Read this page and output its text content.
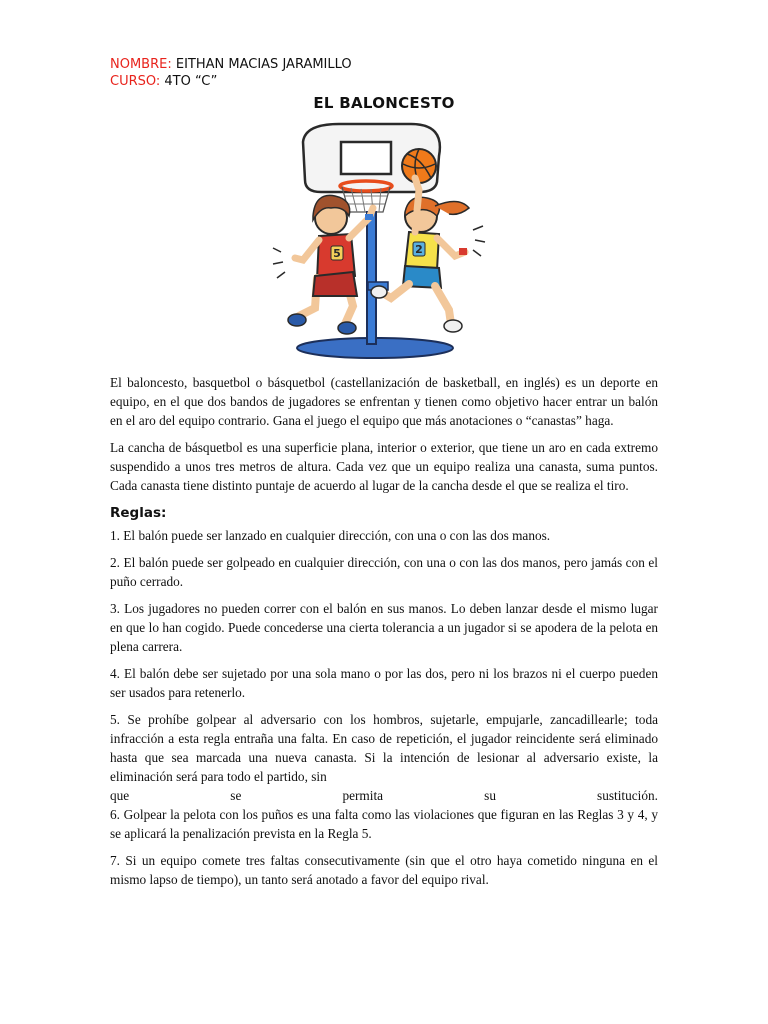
NOMBRE: EITHAN MACIAS JARAMILLO
CURSO: 4TO “C”
EL BALONCESTO
5	2

El baloncesto, basquetbol o básquetbol (castellanización de basketball, en inglés) es un deporte en equipo, en el que dos bandos de jugadores se enfrentan y tienen como objetivo hacer entrar un balón en el aro del equipo contrario. Gana el juego el equipo que más anotaciones o “canastas” haga.

La cancha de básquetbol es una superficie plana, interior o exterior, que tiene un aro en cada extremo suspendido a unos tres metros de altura. Cada vez que un equipo realiza una canasta, suma puntos. Cada canasta tiene distinto puntaje de acuerdo al lugar de la cancha desde el que se realiza el tiro.

Reglas:

1. El balón puede ser lanzado en cualquier dirección, con una o con las dos manos.

2. El balón puede ser golpeado en cualquier dirección, con una o con las dos manos, pero jamás con el puño cerrado.

3. Los jugadores no pueden correr con el balón en sus manos. Lo deben lanzar desde el mismo lugar en que lo han cogido. Puede concederse una cierta tolerancia a un jugador si se apodera de la pelota en plena carrera.

4. El balón debe ser sujetado por una sola mano o por las dos, pero ni los brazos ni el cuerpo pueden ser usados para retenerlo.

5. Se prohíbe golpear al adversario con los hombros, sujetarle, empujarle, zancadillearle; toda infracción a esta regla entraña una falta. En caso de repetición, el jugador reincidente será eliminado hasta que sea marcada una nueva canasta. Si la intención de lesionar al adversario existe, la eliminación será para todo el partido, sin

que	se	permita	su	sustitución.

6. Golpear la pelota con los puños es una falta como las violaciones que figuran en las Reglas 3 y 4, y se aplicará la penalización prevista en la Regla 5.

7. Si un equipo comete tres faltas consecutivamente (sin que el otro haya cometido ninguna en el mismo lapso de tiempo), un tanto será anotado a favor del equipo rival.
